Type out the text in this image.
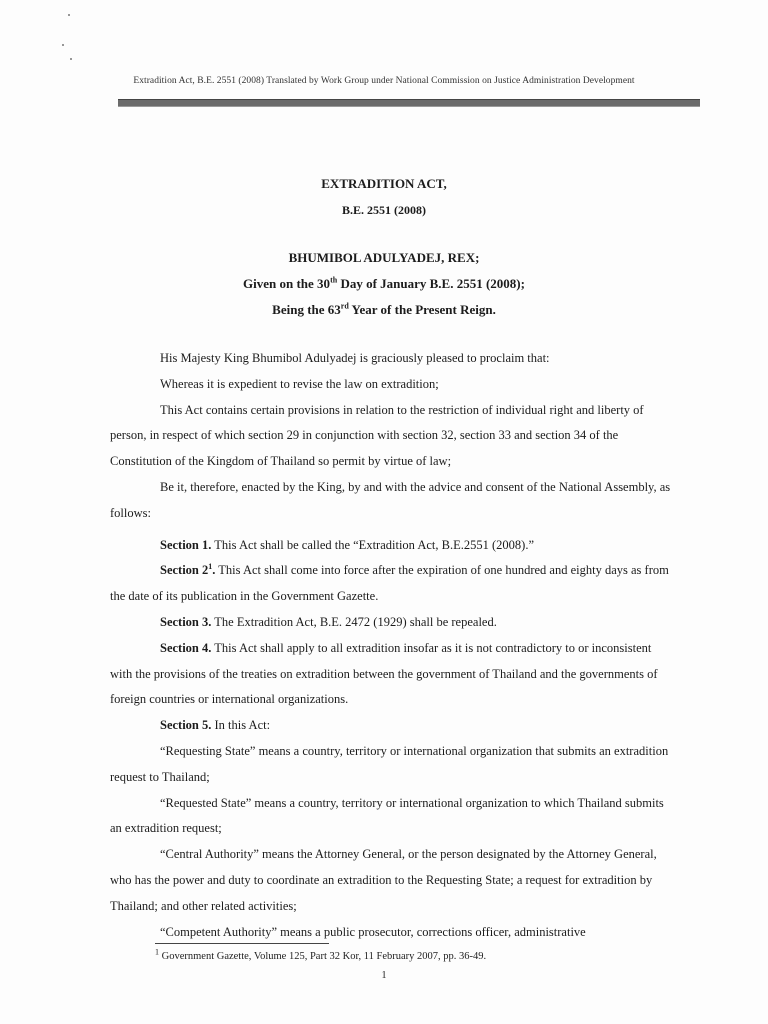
Extradition Act, B.E. 2551 (2008) Translated by Work Group under National Commission on Justice Administration Development
EXTRADITION ACT,
B.E. 2551 (2008)
BHUMIBOL ADULYADEJ, REX;
Given on the 30th Day of January B.E. 2551 (2008);
Being the 63rd Year of the Present Reign.

His Majesty King Bhumibol Adulyadej is graciously pleased to proclaim that:

Whereas it is expedient to revise the law on extradition;

This Act contains certain provisions in relation to the restriction of individual right and liberty of person, in respect of which section 29 in conjunction with section 32, section 33 and section 34 of the Constitution of the Kingdom of Thailand so permit by virtue of law;

Be it, therefore, enacted by the King, by and with the advice and consent of the National Assembly, as follows:

Section 1. This Act shall be called the “Extradition Act, B.E.2551 (2008).”

Section $2^1$. This Act shall come into force after the expiration of one hundred and eighty days as from the date of its publication in the Government Gazette.

Section 3. The Extradition Act, B.E. 2472 (1929) shall be repealed.

Section 4. This Act shall apply to all extradition insofar as it is not contradictory to or inconsistent with the provisions of the treaties on extradition between the government of Thailand and the governments of foreign countries or international organizations.

Section 5. In this Act:

“Requesting State” means a country, territory or international organization that submits an extradition request to Thailand;

“Requested State” means a country, territory or international organization to which Thailand submits an extradition request;

“Central Authority” means the Attorney General, or the person designated by the Attorney General, who has the power and duty to coordinate an extradition to the Requesting State; a request for extradition by Thailand; and other related activities;

“Competent Authority” means a public prosecutor, corrections officer, administrative

$^1$ Government Gazette, Volume 125, Part 32 Kor, 11 February 2007, pp. 36-49.
1
